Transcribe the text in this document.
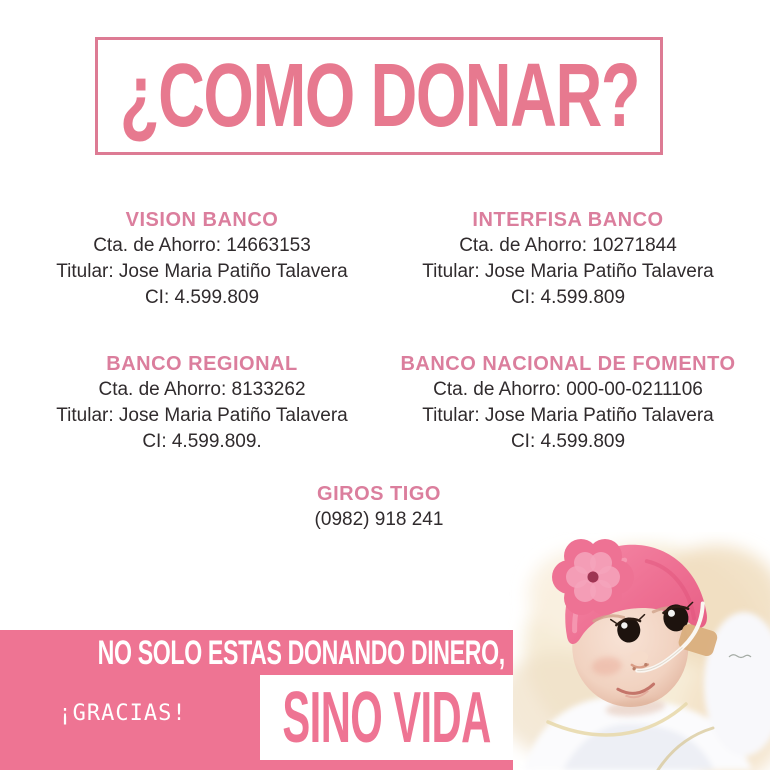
¿COMO DONAR?
VISION BANCO
Cta. de Ahorro: 14663153
Titular: Jose Maria Patiño Talavera
CI: 4.599.809
INTERFISA BANCO
Cta. de Ahorro: 10271844
Titular: Jose Maria Patiño Talavera
CI: 4.599.809
BANCO REGIONAL
Cta. de Ahorro: 8133262
Titular: Jose Maria Patiño Talavera
CI: 4.599.809.
BANCO NACIONAL DE FOMENTO
Cta. de Ahorro: 000-00-0211106
Titular: Jose Maria Patiño Talavera
CI: 4.599.809
GIROS TIGO
(0982) 918 241
NO SOLO ESTAS DONANDO DINERO,
¡GRACIAS! SINO VIDA
